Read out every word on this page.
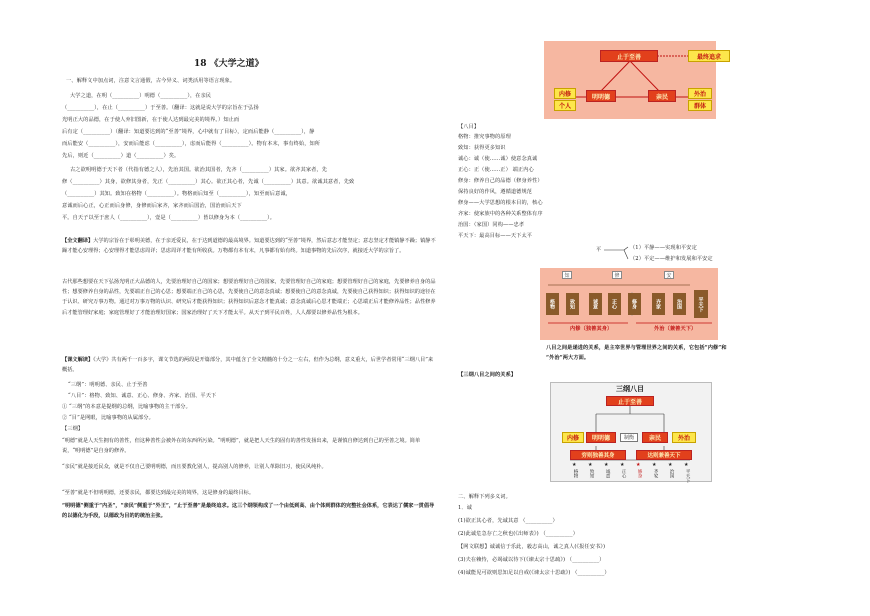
18 《大学之道》
一、解释文中加点词，注意文言通假，古今异义、词类活用等语言现象。
大学之道，在明（__________）明德（__________），在亲民
（__________），在止（__________）于至善。（翻译：这就是说大学的宗旨在于弘扬
光明正大的品德，在于使人弃旧图新，在于使人达到最完美的境界。）知止而
后有定（__________）（翻译：知道要达到的“至善”境界，心中就有了目标），定而后能静（__________），静
而后能安（__________），安而后能虑（__________），虑而后能得（__________）。物有本末，事有终始，知所
先后，则近（__________）道（__________）矣。
古之欲明明德于天下者（代指有德之人），先治其国。欲治其国者，先齐（__________）其家。欲齐其家者，先
修（__________）其身，欲修其身者，先正（__________）其心。欲正其心者，先诚（__________）其意。欲诚其意者，先致
（__________）其知。致知在格物（__________）。物格而后知至（__________），知至而后意诚，
意诚而后心正，心正而后身修，身修而后家齐，家齐而后国治，国治而后天下
平。自天子以至于庶人（__________），壹是（__________）皆以修身为本（__________）。
【全文翻译】大学的宗旨在于彰明美德，在于亲近爱民，在于达到道德的最高境界。知道要达到的“至善”境界，然后意志才能坚定；意志坚定才能镇静不躁；镇静不躁才能心安理得；心安理得才能思虑周详；思虑周详才能有所收获。万物都有本有末，凡事都有始有终。知道事物的先后次序，就接近大学的宗旨了。
古代那些想要在天下弘扬光明正大品德的人，先要治理好自己的国家；想要治理好自己的国家，先要管理好自己的家庭；想要管理好自己的家庭，先要修养自身的品性；想要修养自身的品性，先要端正自己的心思；想要端正自己的心思，先要使自己的意念真诚；想要使自己的意念真诚，先要使自己获得知识；获得知识的途径在于认识、研究万事万物。通过对万事万物的认识、研究后才能获得知识；获得知识后意念才能真诚；意念真诚后心思才能端正；心思端正后才能修养品性；品性修养后才能管理好家庭；家庭管理好了才能治理好国家；国家治理好了天下才能太平。从天子到平民百姓，人人都要以修养品性为根本。
【课文解读】《大学》共有两千一百多字，课文节选的两段是开篇部分，其中蕴含了全文精髓的十分之一左右，但作为总纲，意义重大，后世学者常用“三纲八目”来概括。
“三纲”：明明德、亲民、止于至善
“八目”：格物、致知、诚意、正心、修身、齐家、治国、平天下
① “三纲”的本意是提纲的总纲，比喻事物的主干部分。
② “目”是网眼，比喻事物的从属部分。
【三纲】
“明德”就是人天生拥有的善性，但这种善性会被外在的东西所污染。“明明德”，就是把人天生的固有的善性发扬出来，是谨慎自修达到自己的至善之境。简单说，“明明德”是自身的修养。
“亲民”就是接近民众，就是不仅自己要明明德，而且要教化别人，提高别人的修养，让别人革除旧习，使民风纯朴。
“至善”就是不但明明德，还要亲民，都要达到最完美的境界，这是修身的最终目标。
“明明德”侧重于“内圣”，“亲民”侧重于“外王”，“止于至善”是最终追求。这三个纲领构成了一个由低到高、由个体到群体的完整社会体系，它表达了儒家一贯倡导的以德化为手段，以德政为目的的统治主张。
止于至善	最终追求
明明德	亲民
内修
个人
外治
群体
【八目】
格物：推究事物的原理
致知：获得更多知识
诚心：诚（使……诚）使意念真诚
正心：正（使……正） 端正内心
修身：修养自己的品德（修身养性）
保持良好的作风，遵循道德规范
修身——大学思想的根本目的，核心
齐家：使家族中的各种关系整体有序
治国：（家国）同构——忠孝
平天下：最高目标——天下太平
平	（1）平静——实现和平安定
（2）平定——维护和发展和平安定
知	修	安
格物	致知	诚意	正心	修身	齐家	治国	平天下
内修（独善其身）	外治（兼善天下）
八目之间是递进的关系，是主宰世界与管理世界之间的关系，它包括“内修”和
“外治”两大方面。
【三纲八目之间的关系】
三纲八目
止于至善
内修	明明德	制衡	亲民	外治
穷则独善其身	达则兼善天下
★
格物
★
致知
★
诚意
★
正心
★
修身
★
齐家
★
治国
★
平天下
二、解释下列多义词。
1．诚
(1)欲正其心者，先诚其意 （__________）
(2)此诚危急存亡之秋也(《出师表》) （__________）
【网文联想】诚诚信于乐此，毅志高山，诚之真人(《报任安书》)
(3)夫在赖恃，必竭诚以待下(《谏太宗十思疏》) （__________）
(4)诚能见可欲则思知足以自戒(《谏太宗十思疏》) （__________）
